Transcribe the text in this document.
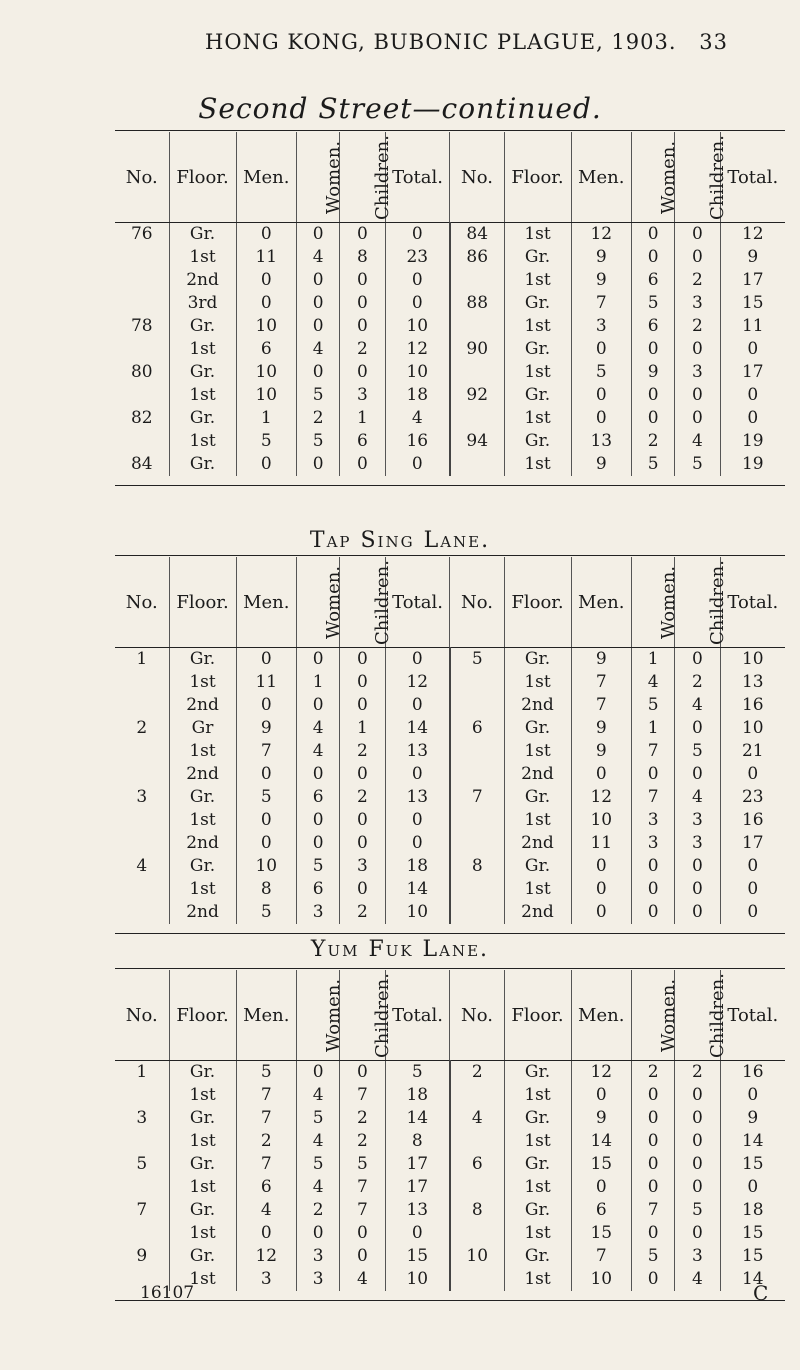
HONG KONG, BUBONIC PLAGUE, 1903. 33
Second Street—continued.
No.	Floor.	Men.	Women.	Children.	Total.	No.	Floor.	Men.	Women.	Children.	Total.
76	Gr.	0	0	0	0	84	1st	12	0	0	12
	1st	11	4	8	23	86	Gr.	9	0	0	9
	2nd	0	0	0	0		1st	9	6	2	17
	3rd	0	0	0	0	88	Gr.	7	5	3	15
78	Gr.	10	0	0	10		1st	3	6	2	11
	1st	6	4	2	12	90	Gr.	0	0	0	0
80	Gr.	10	0	0	10		1st	5	9	3	17
	1st	10	5	3	18	92	Gr.	0	0	0	0
82	Gr.	1	2	1	4		1st	0	0	0	0
	1st	5	5	6	16	94	Gr.	13	2	4	19
84	Gr.	0	0	0	0		1st	9	5	5	19
Tap Sing Lane.
No.	Floor.	Men.	Women.	Children.	Total.	No.	Floor.	Men.	Women.	Children.	Total.
1	Gr.	0	0	0	0	5	Gr.	9	1	0	10
	1st	11	1	0	12		1st	7	4	2	13
	2nd	0	0	0	0		2nd	7	5	4	16
2	Gr	9	4	1	14	6	Gr.	9	1	0	10
	1st	7	4	2	13		1st	9	7	5	21
	2nd	0	0	0	0		2nd	0	0	0	0
3	Gr.	5	6	2	13	7	Gr.	12	7	4	23
	1st	0	0	0	0		1st	10	3	3	16
	2nd	0	0	0	0		2nd	11	3	3	17
4	Gr.	10	5	3	18	8	Gr.	0	0	0	0
	1st	8	6	0	14		1st	0	0	0	0
	2nd	5	3	2	10		2nd	0	0	0	0
Yum Fuk Lane.
No.	Floor.	Men.	Women.	Children.	Total.	No.	Floor.	Men.	Women.	Children.	Total.
1	Gr.	5	0	0	5	2	Gr.	12	2	2	16
	1st	7	4	7	18		1st	0	0	0	0
3	Gr.	7	5	2	14	4	Gr.	9	0	0	9
	1st	2	4	2	8		1st	14	0	0	14
5	Gr.	7	5	5	17	6	Gr.	15	0	0	15
	1st	6	4	7	17		1st	0	0	0	0
7	Gr.	4	2	7	13	8	Gr.	6	7	5	18
	1st	0	0	0	0		1st	15	0	0	15
9	Gr.	12	3	0	15	10	Gr.	7	5	3	15
	1st	3	3	4	10		1st	10	0	4	14
16107	C
